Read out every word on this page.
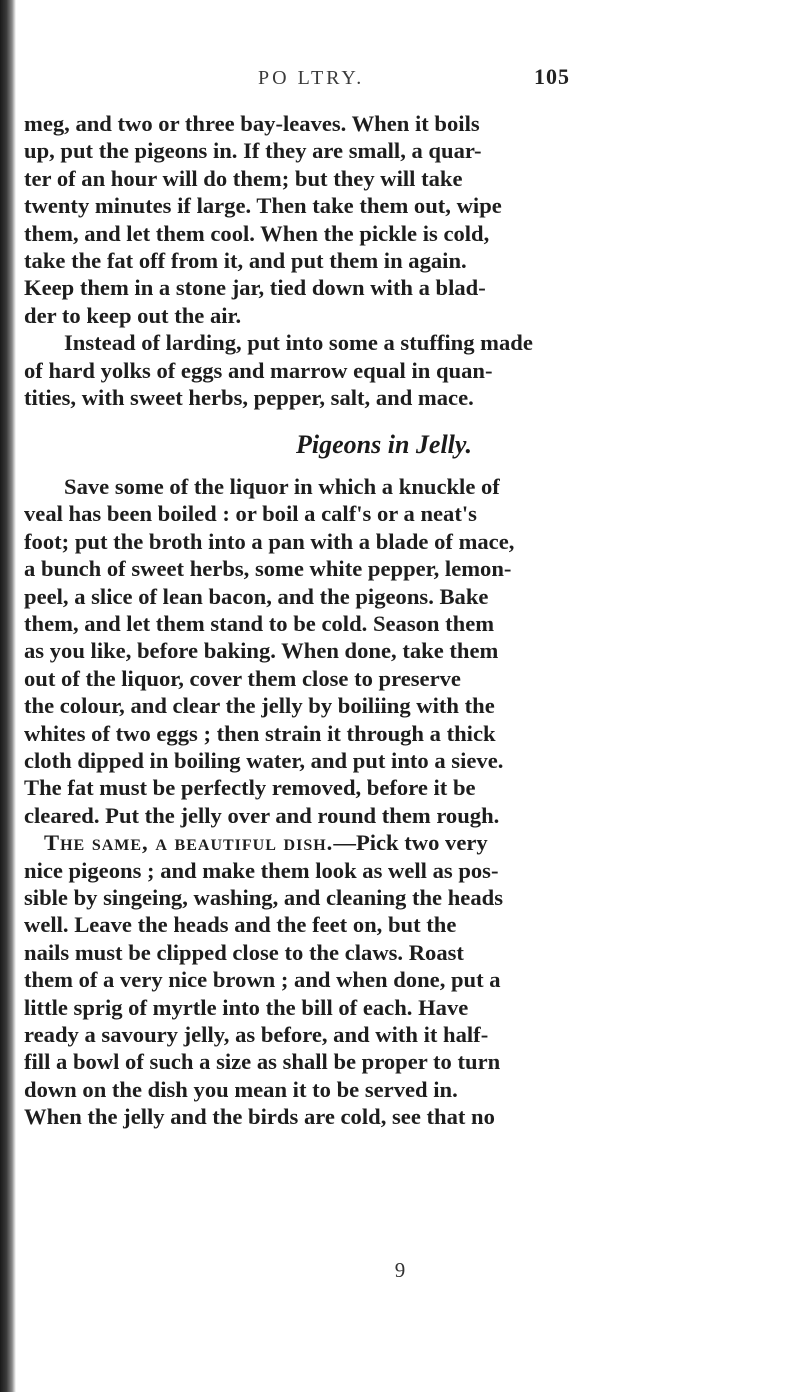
PO LTRY.	105

meg, and two or three bay-leaves. When it boils
up, put the pigeons in. If they are small, a quar-
ter of an hour will do them; but they will take
twenty minutes if large. Then take them out, wipe
them, and let them cool. When the pickle is cold,
take the fat off from it, and put them in again.
Keep them in a stone jar, tied down with a blad-
der to keep out the air.

Instead of larding, put into some a stuffing made
of hard yolks of eggs and marrow equal in quan-
tities, with sweet herbs, pepper, salt, and mace.

Pigeons in Jelly.

Save some of the liquor in which a knuckle of
veal has been boiled : or boil a calf's or a neat's
foot; put the broth into a pan with a blade of mace,
a bunch of sweet herbs, some white pepper, lemon-
peel, a slice of lean bacon, and the pigeons. Bake
them, and let them stand to be cold. Season them
as you like, before baking. When done, take them
out of the liquor, cover them close to preserve
the colour, and clear the jelly by boiliing with the
whites of two eggs ; then strain it through a thick
cloth dipped in boiling water, and put into a sieve.
The fat must be perfectly removed, before it be
cleared. Put the jelly over and round them rough.

The same, a beautiful dish.—Pick two very
nice pigeons ; and make them look as well as pos-
sible by singeing, washing, and cleaning the heads
well. Leave the heads and the feet on, but the
nails must be clipped close to the claws. Roast
them of a very nice brown ; and when done, put a
little sprig of myrtle into the bill of each. Have
ready a savoury jelly, as before, and with it half-
fill a bowl of such a size as shall be proper to turn
down on the dish you mean it to be served in.
When the jelly and the birds are cold, see that no

9
